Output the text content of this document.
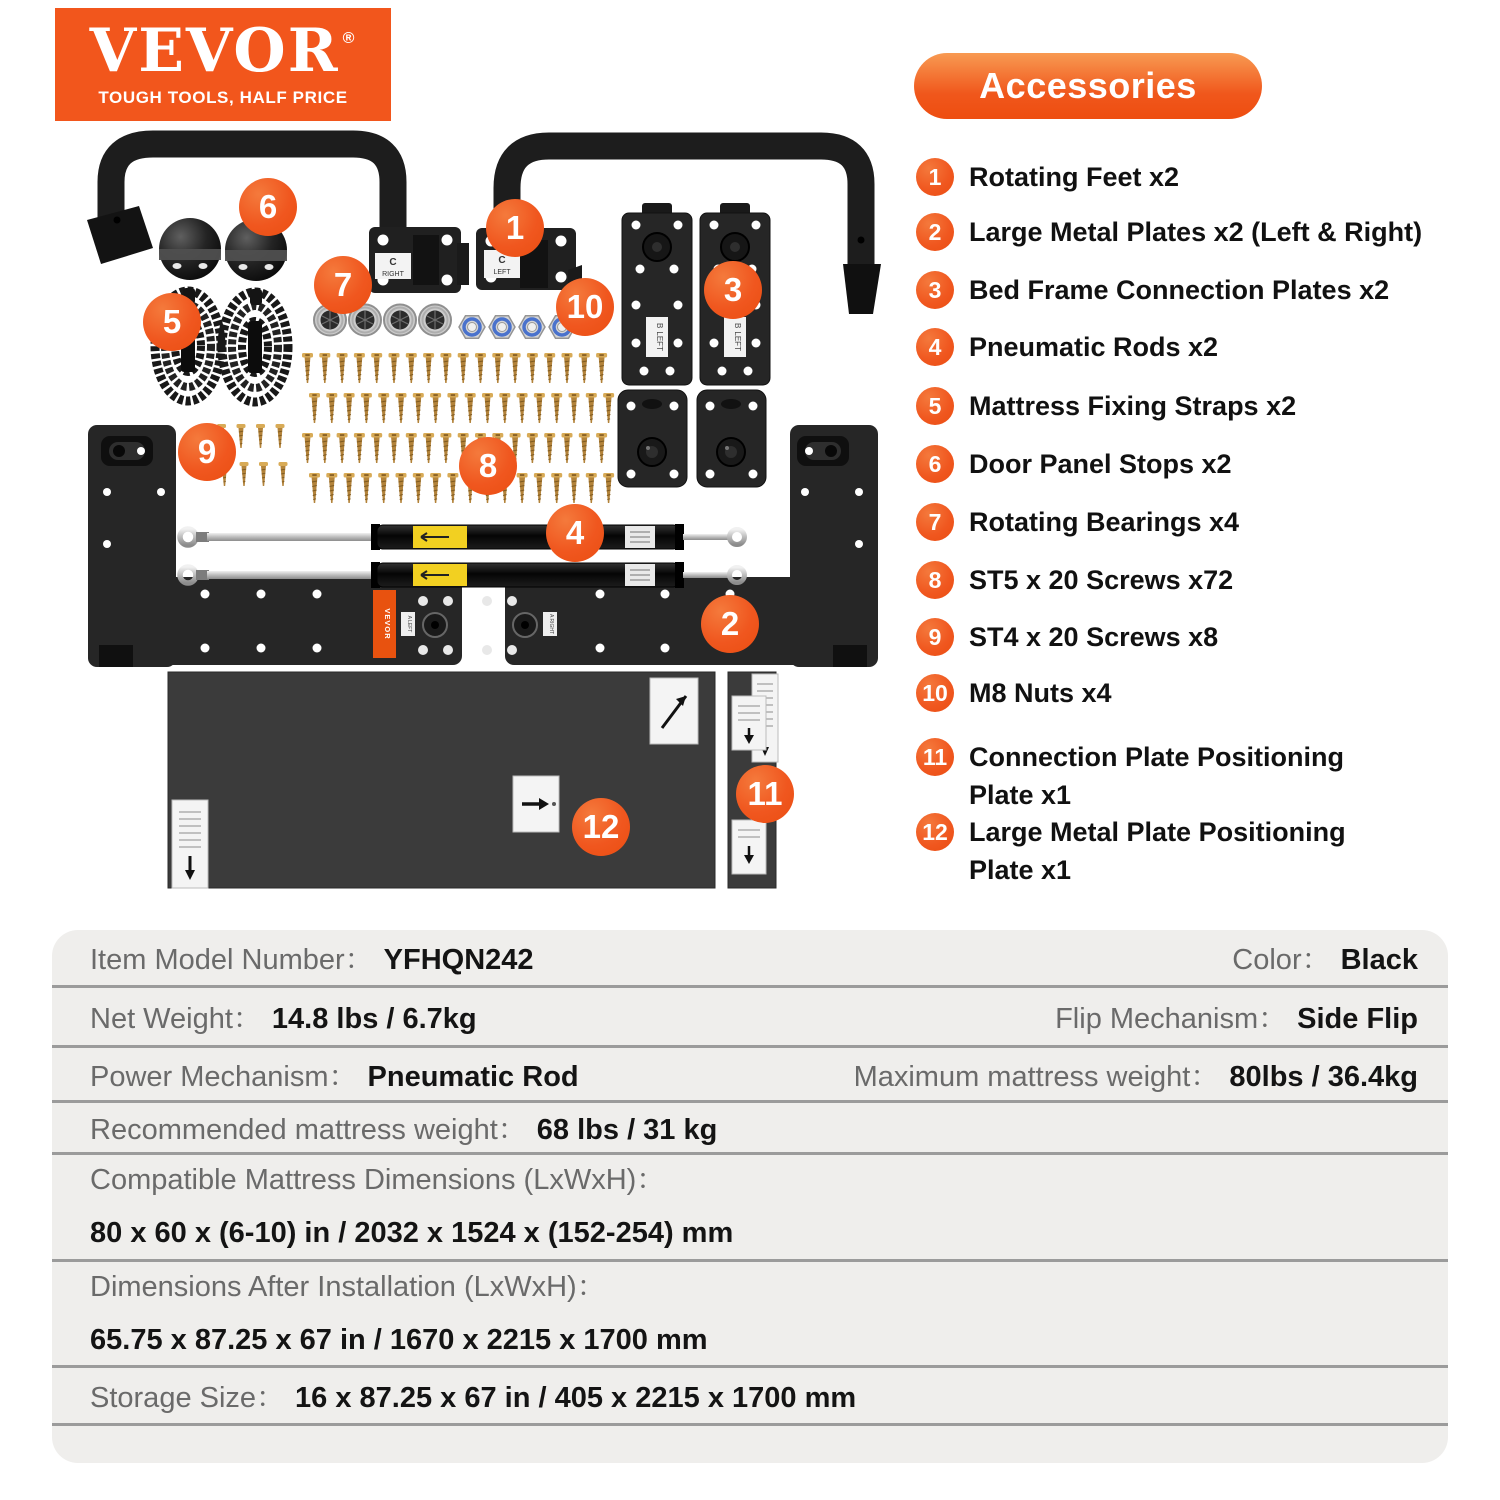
VEVOR ®
TOUGH TOOLS, HALF PRICE
C
RIGHT
C
LEFT
BLEFT
BLEFT
VEVOR	A LEFT	A RIGHT
1
2
3
4
5
6
7
8
9
10
11
12
Accessories
1	Rotating Feet x2
2	Large Metal Plates x2 (Left & Right)
3	Bed Frame Connection Plates x2
4	Pneumatic Rods x2
5	Mattress Fixing Straps x2
6	Door Panel Stops x2
7	Rotating Bearings x4
8	ST5 x 20 Screws x72
9	ST4 x 20 Screws x8
10 M8 Nuts x4
11 Connection Plate Positioning Plate x1
12 Large Metal Plate Positioning Plate x1
Item Model Number： YFHQN242	Color： Black
Net Weight： 14.8 lbs / 6.7kg	Flip Mechanism： Side Flip
Power Mechanism： Pneumatic Rod	Maximum mattress weight： 80lbs / 36.4kg
Recommended mattress weight： 68 lbs / 31 kg
Compatible Mattress Dimensions (LxWxH)：
80 x 60 x (6-10) in / 2032 x 1524 x (152-254) mm
Dimensions After Installation (LxWxH)：
65.75 x 87.25 x 67 in / 1670 x 2215 x 1700 mm
Storage Size： 16 x 87.25 x 67 in / 405 x 2215 x 1700 mm
